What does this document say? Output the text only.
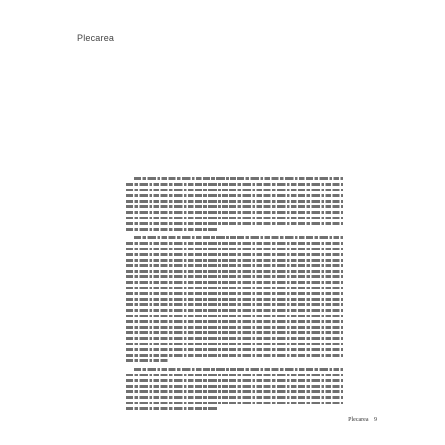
Plecarea

Plecarea 9
